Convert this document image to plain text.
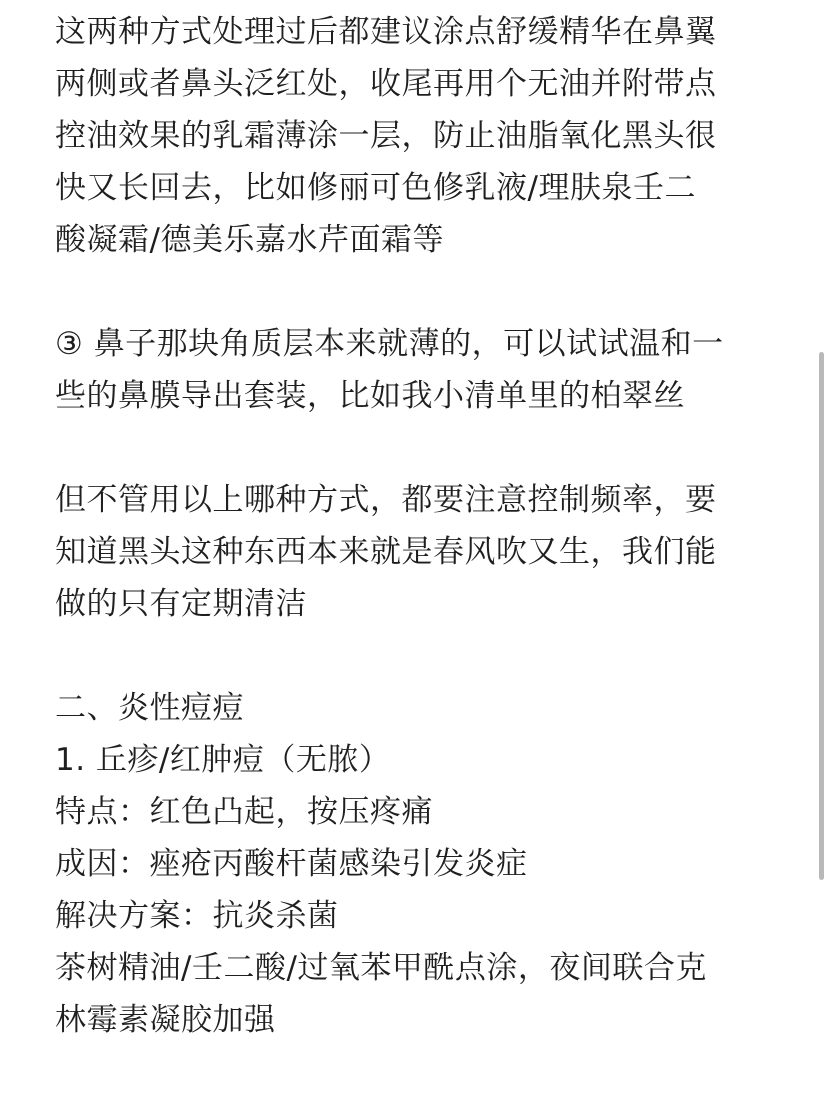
这两种方式处理过后都建议涂点舒缓精华在鼻翼
两侧或者鼻头泛红处，收尾再用个无油并附带点
控油效果的乳霜薄涂一层，防止油脂氧化黑头很
快又长回去，比如修丽可色修乳液/理肤泉壬二
酸凝霜/德美乐嘉水芹面霜等
③ 鼻子那块角质层本来就薄的，可以试试温和一
些的鼻膜导出套装，比如我小清单里的柏翠丝
但不管用以上哪种方式，都要注意控制频率，要
知道黑头这种东西本来就是春风吹又生，我们能
做的只有定期清洁
二、炎性痘痘
1. 丘疹/红肿痘（无脓）
特点：红色凸起，按压疼痛
成因：痤疮丙酸杆菌感染引发炎症
解决方案：抗炎杀菌
茶树精油/壬二酸/过氧苯甲酰点涂，夜间联合克
林霉素凝胶加强
